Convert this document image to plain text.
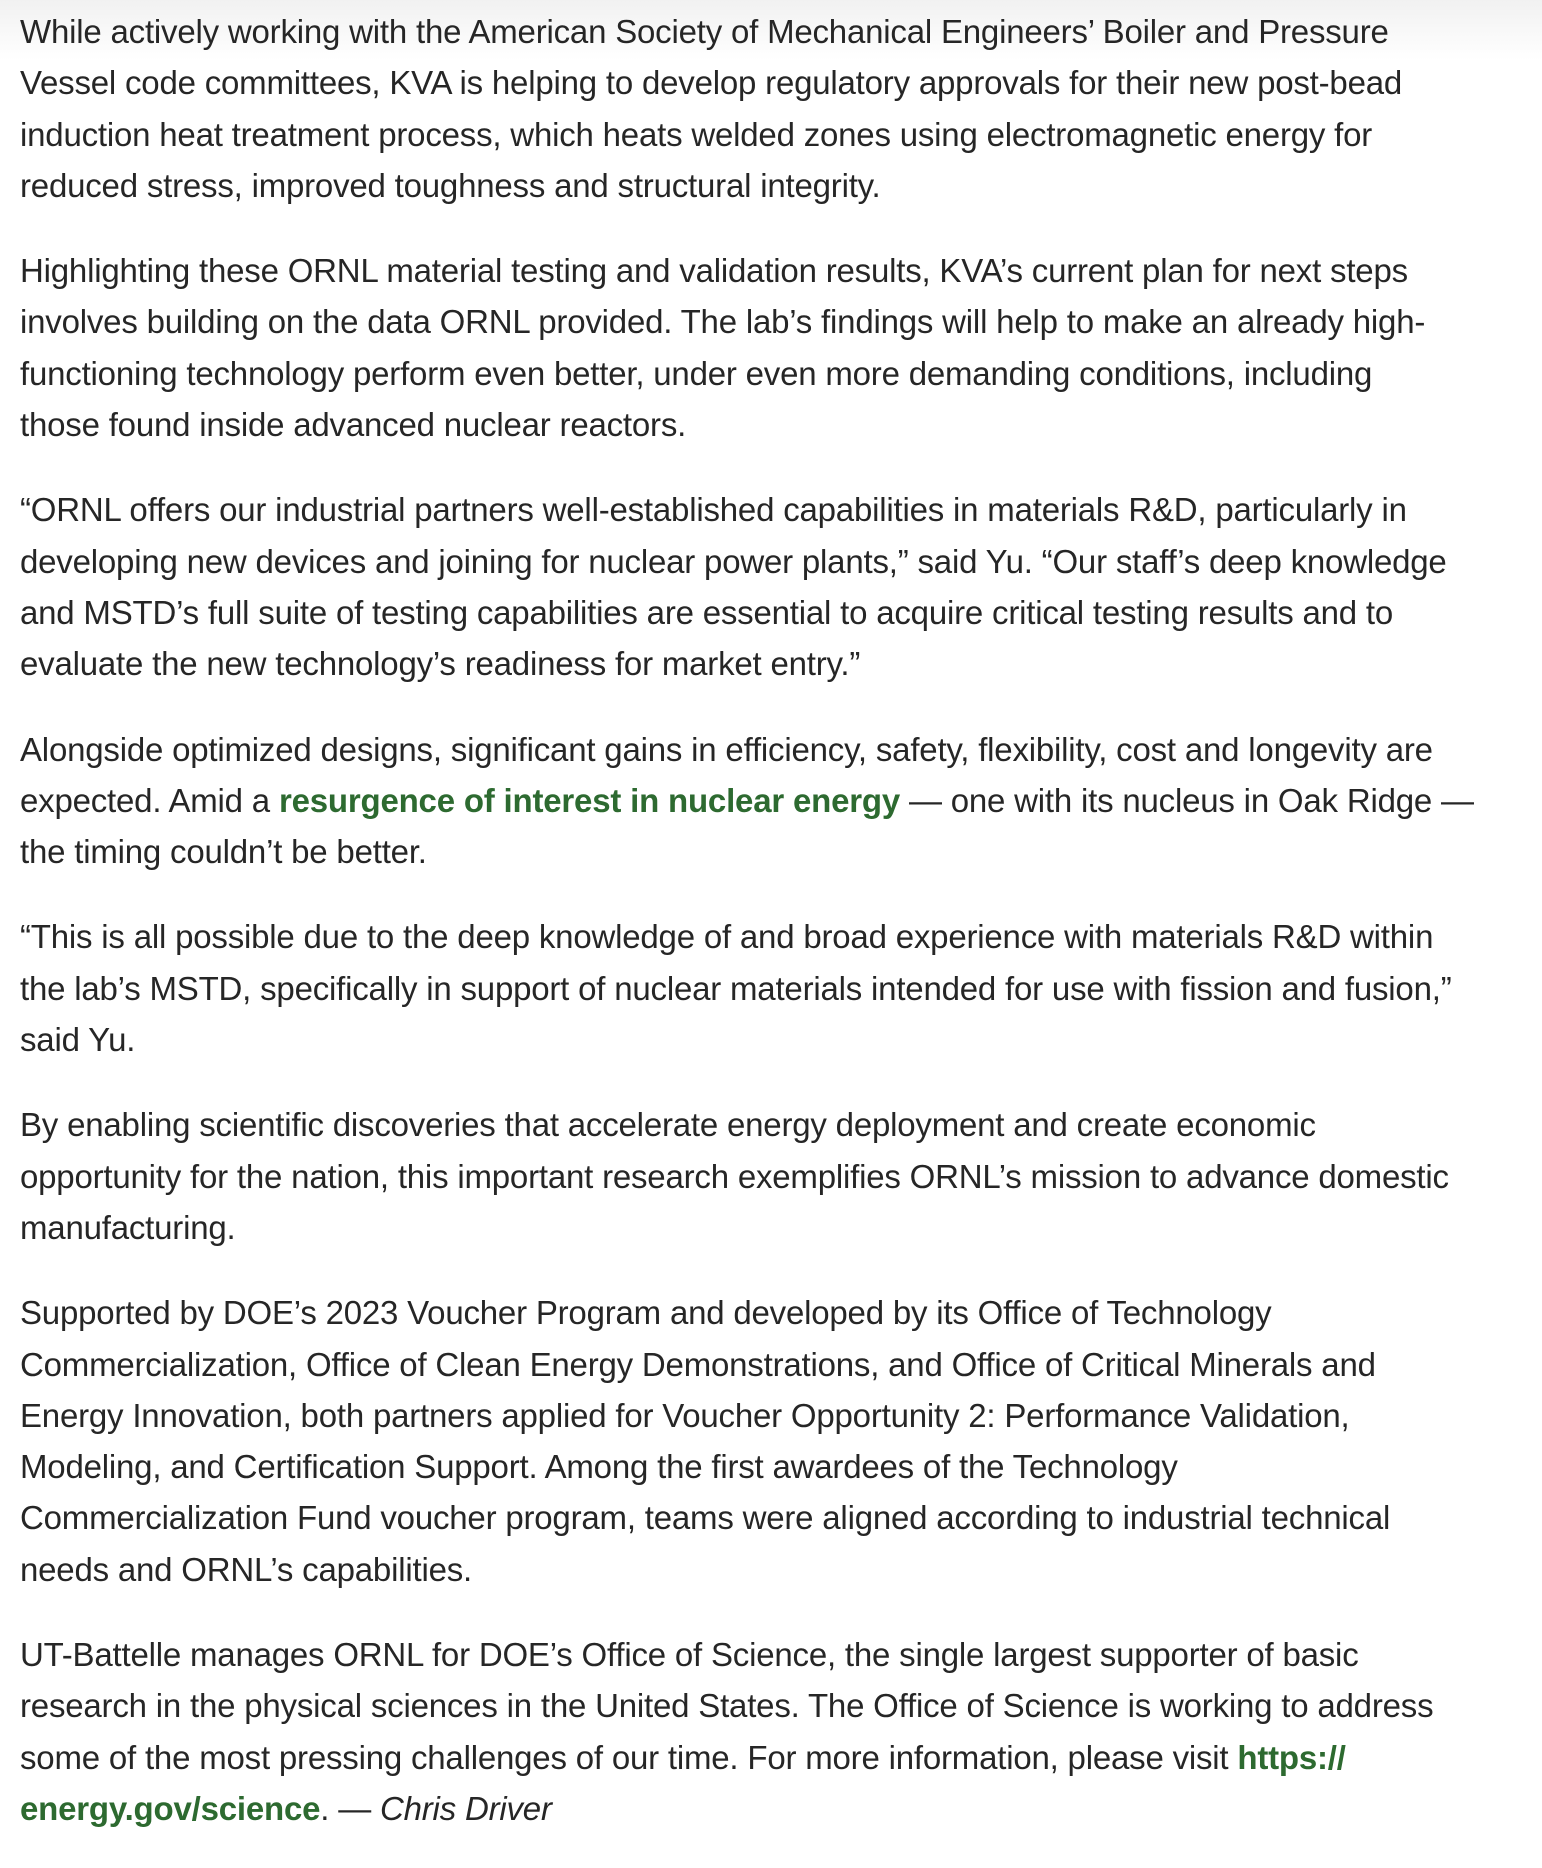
While actively working with the American Society of Mechanical Engineers’ Boiler and Pressure
Vessel code committees, KVA is helping to develop regulatory approvals for their new post-bead
induction heat treatment process, which heats welded zones using electromagnetic energy for
reduced stress, improved toughness and structural integrity.

Highlighting these ORNL material testing and validation results, KVA’s current plan for next steps
involves building on the data ORNL provided. The lab’s findings will help to make an already high-
functioning technology perform even better, under even more demanding conditions, including
those found inside advanced nuclear reactors.

“ORNL offers our industrial partners well-established capabilities in materials R&D, particularly in
developing new devices and joining for nuclear power plants,” said Yu. “Our staff’s deep knowledge
and MSTD’s full suite of testing capabilities are essential to acquire critical testing results and to
evaluate the new technology’s readiness for market entry.”

Alongside optimized designs, significant gains in efficiency, safety, flexibility, cost and longevity are
expected. Amid a resurgence of interest in nuclear energy — one with its nucleus in Oak Ridge —
the timing couldn’t be better.

“This is all possible due to the deep knowledge of and broad experience with materials R&D within
the lab’s MSTD, specifically in support of nuclear materials intended for use with fission and fusion,”
said Yu.

By enabling scientific discoveries that accelerate energy deployment and create economic
opportunity for the nation, this important research exemplifies ORNL’s mission to advance domestic
manufacturing.

Supported by DOE’s 2023 Voucher Program and developed by its Office of Technology
Commercialization, Office of Clean Energy Demonstrations, and Office of Critical Minerals and
Energy Innovation, both partners applied for Voucher Opportunity 2: Performance Validation,
Modeling, and Certification Support. Among the first awardees of the Technology
Commercialization Fund voucher program, teams were aligned according to industrial technical
needs and ORNL’s capabilities.

UT-Battelle manages ORNL for DOE’s Office of Science, the single largest supporter of basic
research in the physical sciences in the United States. The Office of Science is working to address
some of the most pressing challenges of our time. For more information, please visit https://
energy.gov/science. — Chris Driver
